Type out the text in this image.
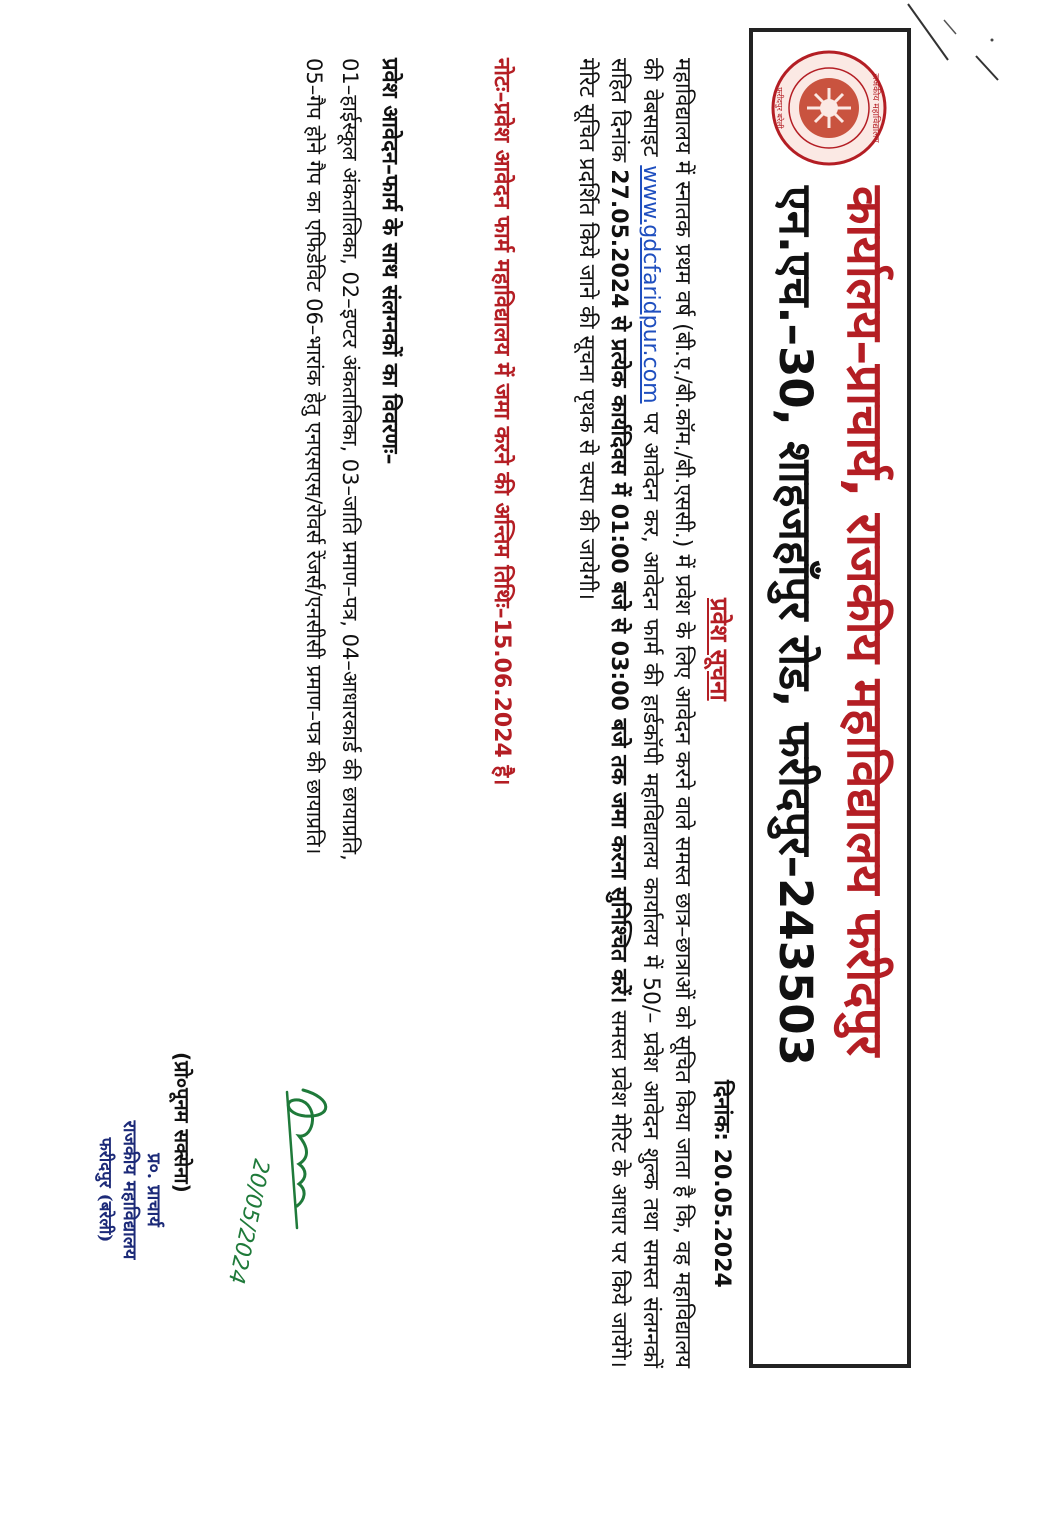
राजकीय महाविद्यालय
फरीदपुर बरेली
कार्यालय–प्राचार्य, राजकीय महाविद्यालय फरीदपुर
एन.एच.–30, शाहजहाँपुर रोड, फरीदपुर–243503
दिनांक: 20.05.2024
प्रवेश सूचना
महाविद्यालय में स्नातक प्रथम वर्ष (बी.ए./बी.कॉम./बी.एससी.) में प्रवेश के लिए आवेदन करने वाले समस्त छात्र–छात्राओं को सूचित किया जाता है कि, वह महाविद्यालय की वेबसाइट www.gdcfaridpur.com पर आवेदन कर, आवेदन फार्म की हार्डकॉपी महाविद्यालय कार्यालय में 50/– प्रवेश आवेदन शुल्क तथा समस्त संलग्नकों सहित दिनांक 27.05.2024 से प्रत्येक कार्यदिवस में 01:00 बजे से 03:00 बजे तक जमा करना सुनिश्चित करें। समस्त प्रवेश मेरिट के आधार पर किये जायेंगे। मेरिट सूचित प्रदर्शित किये जाने की सूचना पृथक से चस्पा की जायेगी।
नोटः–प्रवेश आवेदन फार्म महाविद्यालय में जमा करने की अन्तिम तिथिः–15.06.2024 है।
प्रवेश आवेदन–फार्म के साथ संलग्नकों का विवरणः–
01–हाईस्कूल अंकतालिका, 02–इण्टर अंकतालिका, 03–जाति प्रमाण–पत्र, 04–आधारकार्ड की छायाप्रति,
05–गैप होने गैप का एफिडेविट 06–भारांक हेतु एनएसएस/रोवर्स रेंजर्स/एनसीसी प्रमाण–पत्र की छायाप्रति।
20/05/2024
(प्रो०पूनम सक्सेना)
प्र०. प्राचार्य
राजकीय महाविद्यालय
फरीदपुर (बरेली)
